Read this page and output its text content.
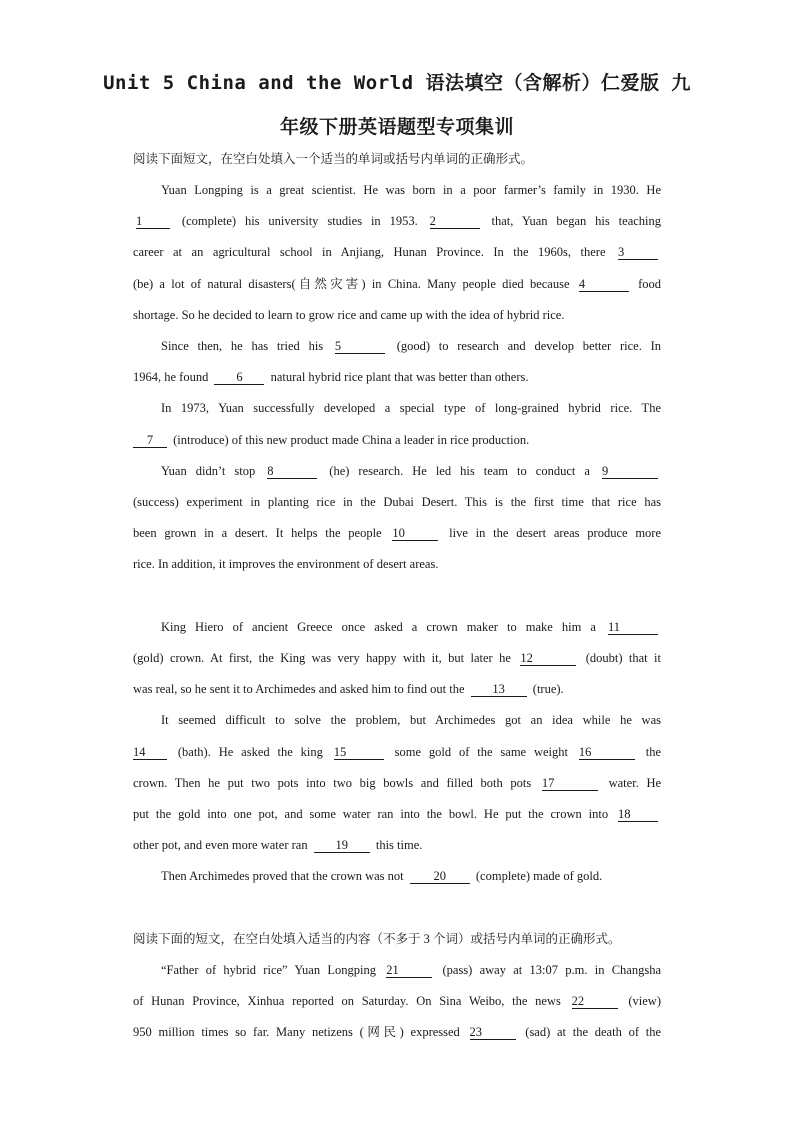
Unit 5 China and the World 语法填空（含解析）仁爱版 九
年级下册英语题型专项集训
阅读下面短文，在空白处填入一个适当的单词或括号内单词的正确形式。
Yuan Longping is a great scientist. He was born in a poor farmer’s family in 1930. He
1	(complete) his university studies in 1953. 2	that, Yuan began his teaching
career at an agricultural school in Anjiang, Hunan Province. In the 1960s, there 3
(be) a lot of natural disasters(自然灾害) in China. Many people died because 4	food
shortage. So he decided to learn to grow rice and came up with the idea of hybrid rice.
Since then, he has tried his 5	(good) to research and develop better rice. In
1964, he found 6 natural hybrid rice plant that was better than others.
In 1973, Yuan successfully developed a special type of long-grained hybrid rice. The
7 (introduce) of this new product made China a leader in rice production.
Yuan didn’t stop 8	(he) research. He led his team to conduct a 9
(success) experiment in planting rice in the Dubai Desert. This is the first time that rice has
been grown in a desert. It helps the people 10	live in the desert areas produce more
rice. In addition, it improves the environment of desert areas.
King Hiero of ancient Greece once asked a crown maker to make him a 11
(gold) crown. At first, the King was very happy with it, but later he 12	(doubt) that it
was real, so he sent it to Archimedes and asked him to find out the 13 (true).
It seemed difficult to solve the problem, but Archimedes got an idea while he was
14	(bath). He asked the king 15	some gold of the same weight 16	the
crown. Then he put two pots into two big bowls and filled both pots 17	water. He
put the gold into one pot, and some water ran into the bowl. He put the crown into 18
other pot, and even more water ran 19 this time.
Then Archimedes proved that the crown was not 20 (complete) made of gold.
阅读下面的短文，在空白处填入适当的内容（不多于 3 个词）或括号内单词的正确形式。
“Father of hybrid rice” Yuan Longping 21	(pass) away at 13:07 p.m. in Changsha
of Hunan Province, Xinhua reported on Saturday. On Sina Weibo, the news 22	(view)
950 million times so far. Many netizens (网民) expressed 23	(sad) at the death of the
